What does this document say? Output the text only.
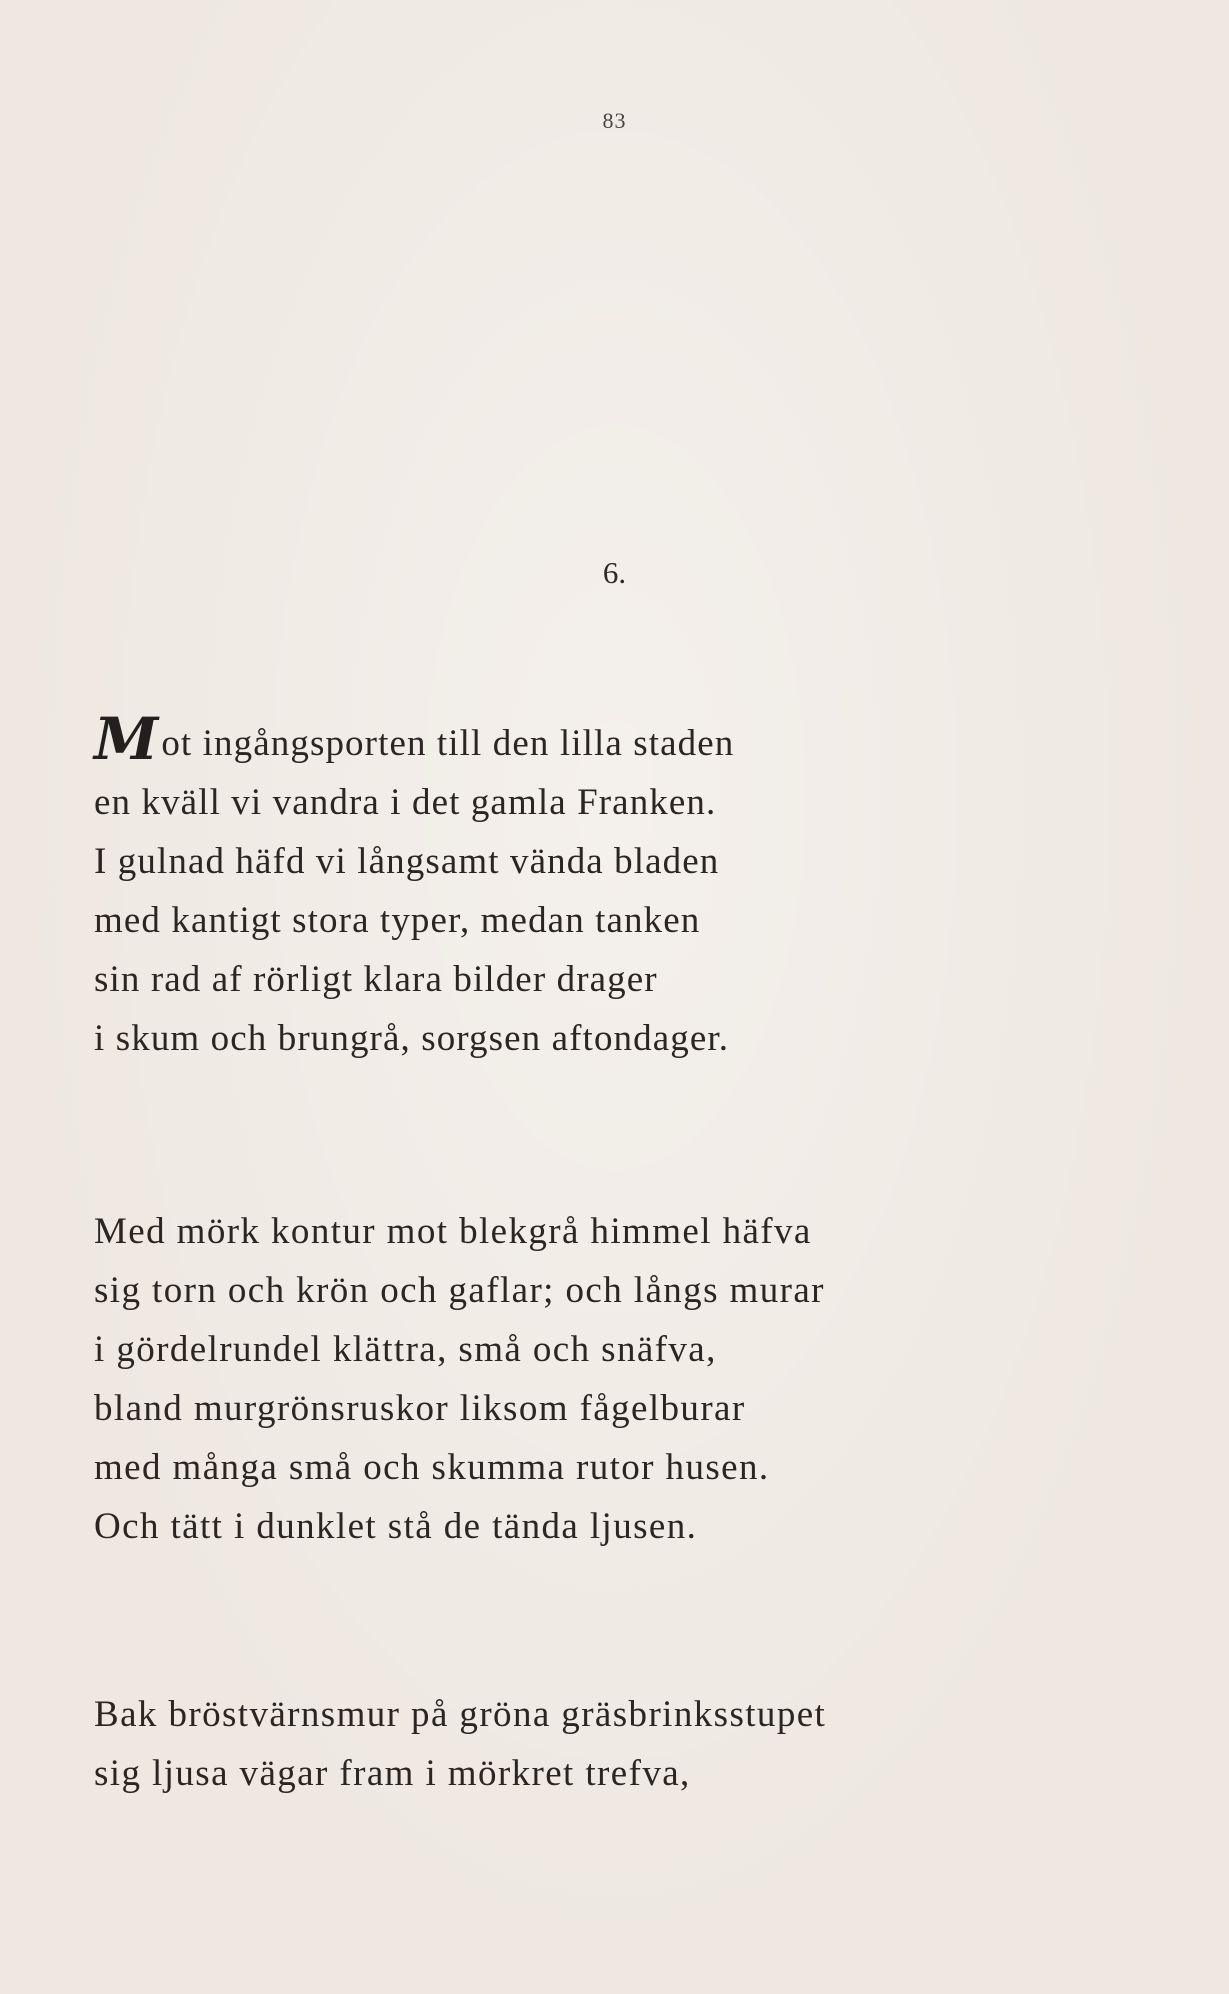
83
6.
Mot ingångsporten till den lilla staden
en kväll vi vandra i det gamla Franken.
I gulnad häfd vi långsamt vända bladen
med kantigt stora typer, medan tanken
sin rad af rörligt klara bilder drager
i skum och brungrå, sorgsen aftondager.
Med mörk kontur mot blekgrå himmel häfva
sig torn och krön och gaflar; och långs murar
i gördelrundel klättra, små och snäfva,
bland murgrönsruskor liksom fågelburar
med många små och skumma rutor husen.
Och tätt i dunklet stå de tända ljusen.
Bak bröstvärnsmur på gröna gräsbrinksstupet
sig ljusa vägar fram i mörkret trefva,
